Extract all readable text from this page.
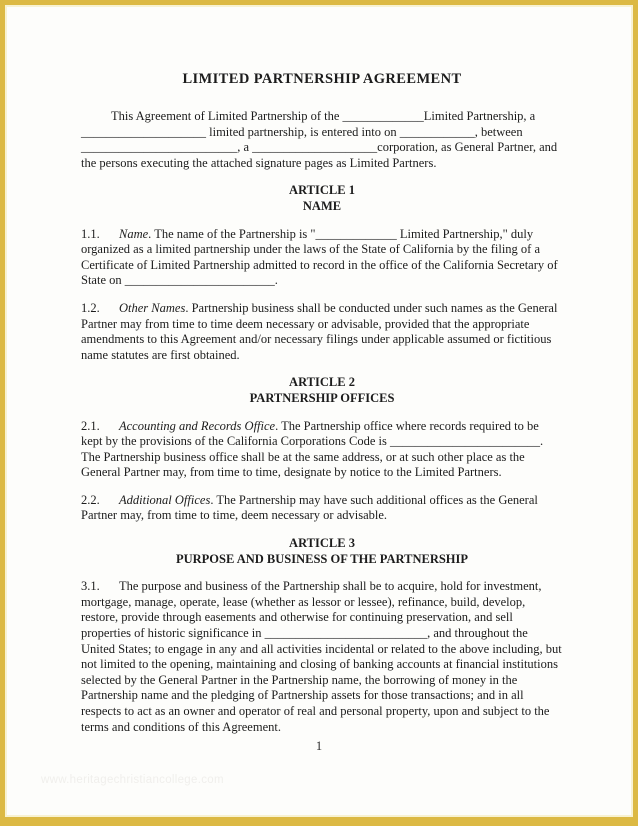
LIMITED PARTNERSHIP AGREEMENT

This Agreement of Limited Partnership of the _____________Limited Partnership, a ____________________ limited partnership, is entered into on ____________, between _________________________, a ____________________corporation, as General Partner, and the persons executing the attached signature pages as Limited Partners.

ARTICLE 1
NAME

1.1. Name. The name of the Partnership is "_____________ Limited Partnership," duly organized as a limited partnership under the laws of the State of California by the filing of a Certificate of Limited Partnership admitted to record in the office of the California Secretary of State on ________________________.

1.2. Other Names. Partnership business shall be conducted under such names as the General Partner may from time to time deem necessary or advisable, provided that the appropriate amendments to this Agreement and/or necessary filings under applicable assumed or fictitious name statutes are first obtained.

ARTICLE 2
PARTNERSHIP OFFICES

2.1. Accounting and Records Office. The Partnership office where records required to be kept by the provisions of the California Corporations Code is ________________________. The Partnership business office shall be at the same address, or at such other place as the General Partner may, from time to time, designate by notice to the Limited Partners.

2.2. Additional Offices. The Partnership may have such additional offices as the General Partner may, from time to time, deem necessary or advisable.

ARTICLE 3
PURPOSE AND BUSINESS OF THE PARTNERSHIP

3.1. The purpose and business of the Partnership shall be to acquire, hold for investment, mortgage, manage, operate, lease (whether as lessor or lessee), refinance, build, develop, restore, provide through easements and otherwise for continuing preservation, and sell properties of historic significance in __________________________, and throughout the United States; to engage in any and all activities incidental or related to the above including, but not limited to the opening, maintaining and closing of banking accounts at financial institutions selected by the General Partner in the Partnership name, the borrowing of money in the Partnership name and the pledging of Partnership assets for those transactions; and in all respects to act as an owner and operator of real and personal property, upon and subject to the terms and conditions of this Agreement.

1
www.heritagechristiancollege.com
